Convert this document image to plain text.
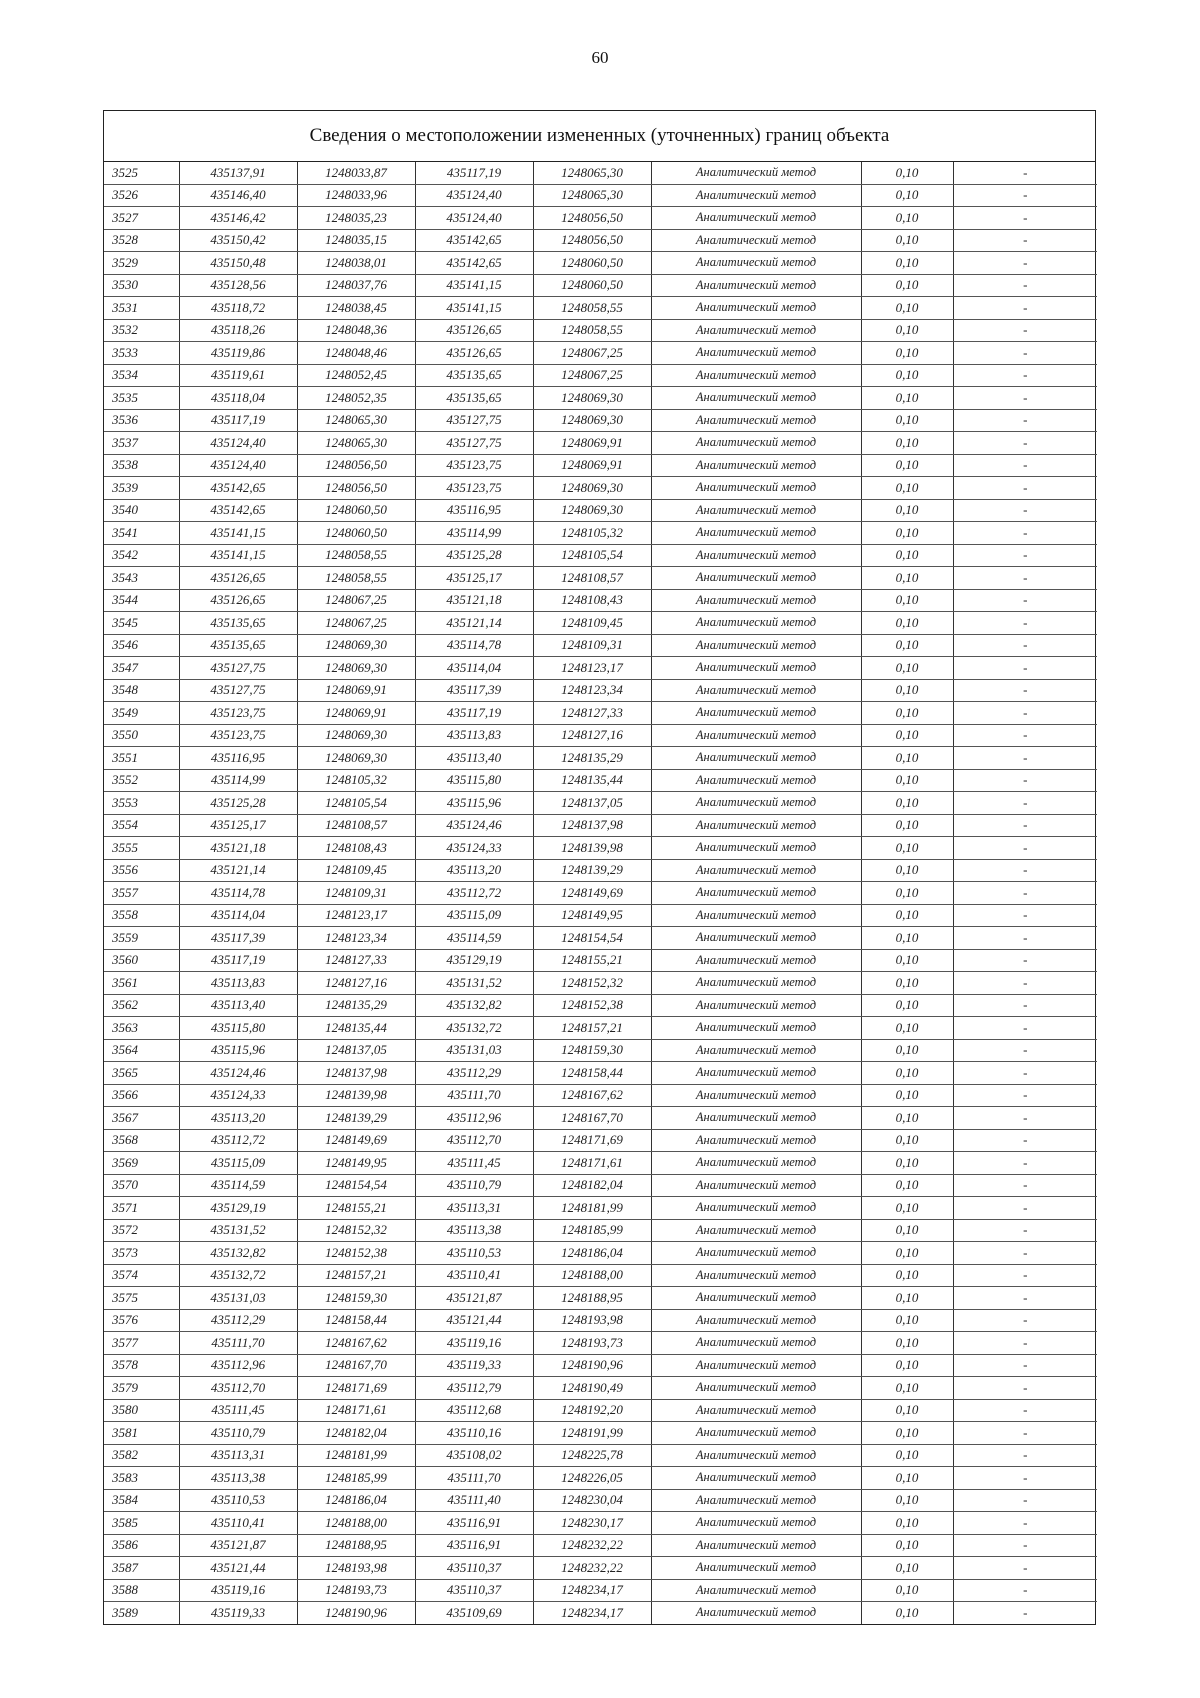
60
Сведения о местоположении измененных (уточненных) границ объекта
3525	435137,91	1248033,87	435117,19	1248065,30	Аналитический метод	0,10	-
3526	435146,40	1248033,96	435124,40	1248065,30	Аналитический метод	0,10	-
3527	435146,42	1248035,23	435124,40	1248056,50	Аналитический метод	0,10	-
3528	435150,42	1248035,15	435142,65	1248056,50	Аналитический метод	0,10	-
3529	435150,48	1248038,01	435142,65	1248060,50	Аналитический метод	0,10	-
3530	435128,56	1248037,76	435141,15	1248060,50	Аналитический метод	0,10	-
3531	435118,72	1248038,45	435141,15	1248058,55	Аналитический метод	0,10	-
3532	435118,26	1248048,36	435126,65	1248058,55	Аналитический метод	0,10	-
3533	435119,86	1248048,46	435126,65	1248067,25	Аналитический метод	0,10	-
3534	435119,61	1248052,45	435135,65	1248067,25	Аналитический метод	0,10	-
3535	435118,04	1248052,35	435135,65	1248069,30	Аналитический метод	0,10	-
3536	435117,19	1248065,30	435127,75	1248069,30	Аналитический метод	0,10	-
3537	435124,40	1248065,30	435127,75	1248069,91	Аналитический метод	0,10	-
3538	435124,40	1248056,50	435123,75	1248069,91	Аналитический метод	0,10	-
3539	435142,65	1248056,50	435123,75	1248069,30	Аналитический метод	0,10	-
3540	435142,65	1248060,50	435116,95	1248069,30	Аналитический метод	0,10	-
3541	435141,15	1248060,50	435114,99	1248105,32	Аналитический метод	0,10	-
3542	435141,15	1248058,55	435125,28	1248105,54	Аналитический метод	0,10	-
3543	435126,65	1248058,55	435125,17	1248108,57	Аналитический метод	0,10	-
3544	435126,65	1248067,25	435121,18	1248108,43	Аналитический метод	0,10	-
3545	435135,65	1248067,25	435121,14	1248109,45	Аналитический метод	0,10	-
3546	435135,65	1248069,30	435114,78	1248109,31	Аналитический метод	0,10	-
3547	435127,75	1248069,30	435114,04	1248123,17	Аналитический метод	0,10	-
3548	435127,75	1248069,91	435117,39	1248123,34	Аналитический метод	0,10	-
3549	435123,75	1248069,91	435117,19	1248127,33	Аналитический метод	0,10	-
3550	435123,75	1248069,30	435113,83	1248127,16	Аналитический метод	0,10	-
3551	435116,95	1248069,30	435113,40	1248135,29	Аналитический метод	0,10	-
3552	435114,99	1248105,32	435115,80	1248135,44	Аналитический метод	0,10	-
3553	435125,28	1248105,54	435115,96	1248137,05	Аналитический метод	0,10	-
3554	435125,17	1248108,57	435124,46	1248137,98	Аналитический метод	0,10	-
3555	435121,18	1248108,43	435124,33	1248139,98	Аналитический метод	0,10	-
3556	435121,14	1248109,45	435113,20	1248139,29	Аналитический метод	0,10	-
3557	435114,78	1248109,31	435112,72	1248149,69	Аналитический метод	0,10	-
3558	435114,04	1248123,17	435115,09	1248149,95	Аналитический метод	0,10	-
3559	435117,39	1248123,34	435114,59	1248154,54	Аналитический метод	0,10	-
3560	435117,19	1248127,33	435129,19	1248155,21	Аналитический метод	0,10	-
3561	435113,83	1248127,16	435131,52	1248152,32	Аналитический метод	0,10	-
3562	435113,40	1248135,29	435132,82	1248152,38	Аналитический метод	0,10	-
3563	435115,80	1248135,44	435132,72	1248157,21	Аналитический метод	0,10	-
3564	435115,96	1248137,05	435131,03	1248159,30	Аналитический метод	0,10	-
3565	435124,46	1248137,98	435112,29	1248158,44	Аналитический метод	0,10	-
3566	435124,33	1248139,98	435111,70	1248167,62	Аналитический метод	0,10	-
3567	435113,20	1248139,29	435112,96	1248167,70	Аналитический метод	0,10	-
3568	435112,72	1248149,69	435112,70	1248171,69	Аналитический метод	0,10	-
3569	435115,09	1248149,95	435111,45	1248171,61	Аналитический метод	0,10	-
3570	435114,59	1248154,54	435110,79	1248182,04	Аналитический метод	0,10	-
3571	435129,19	1248155,21	435113,31	1248181,99	Аналитический метод	0,10	-
3572	435131,52	1248152,32	435113,38	1248185,99	Аналитический метод	0,10	-
3573	435132,82	1248152,38	435110,53	1248186,04	Аналитический метод	0,10	-
3574	435132,72	1248157,21	435110,41	1248188,00	Аналитический метод	0,10	-
3575	435131,03	1248159,30	435121,87	1248188,95	Аналитический метод	0,10	-
3576	435112,29	1248158,44	435121,44	1248193,98	Аналитический метод	0,10	-
3577	435111,70	1248167,62	435119,16	1248193,73	Аналитический метод	0,10	-
3578	435112,96	1248167,70	435119,33	1248190,96	Аналитический метод	0,10	-
3579	435112,70	1248171,69	435112,79	1248190,49	Аналитический метод	0,10	-
3580	435111,45	1248171,61	435112,68	1248192,20	Аналитический метод	0,10	-
3581	435110,79	1248182,04	435110,16	1248191,99	Аналитический метод	0,10	-
3582	435113,31	1248181,99	435108,02	1248225,78	Аналитический метод	0,10	-
3583	435113,38	1248185,99	435111,70	1248226,05	Аналитический метод	0,10	-
3584	435110,53	1248186,04	435111,40	1248230,04	Аналитический метод	0,10	-
3585	435110,41	1248188,00	435116,91	1248230,17	Аналитический метод	0,10	-
3586	435121,87	1248188,95	435116,91	1248232,22	Аналитический метод	0,10	-
3587	435121,44	1248193,98	435110,37	1248232,22	Аналитический метод	0,10	-
3588	435119,16	1248193,73	435110,37	1248234,17	Аналитический метод	0,10	-
3589	435119,33	1248190,96	435109,69	1248234,17	Аналитический метод	0,10	-
